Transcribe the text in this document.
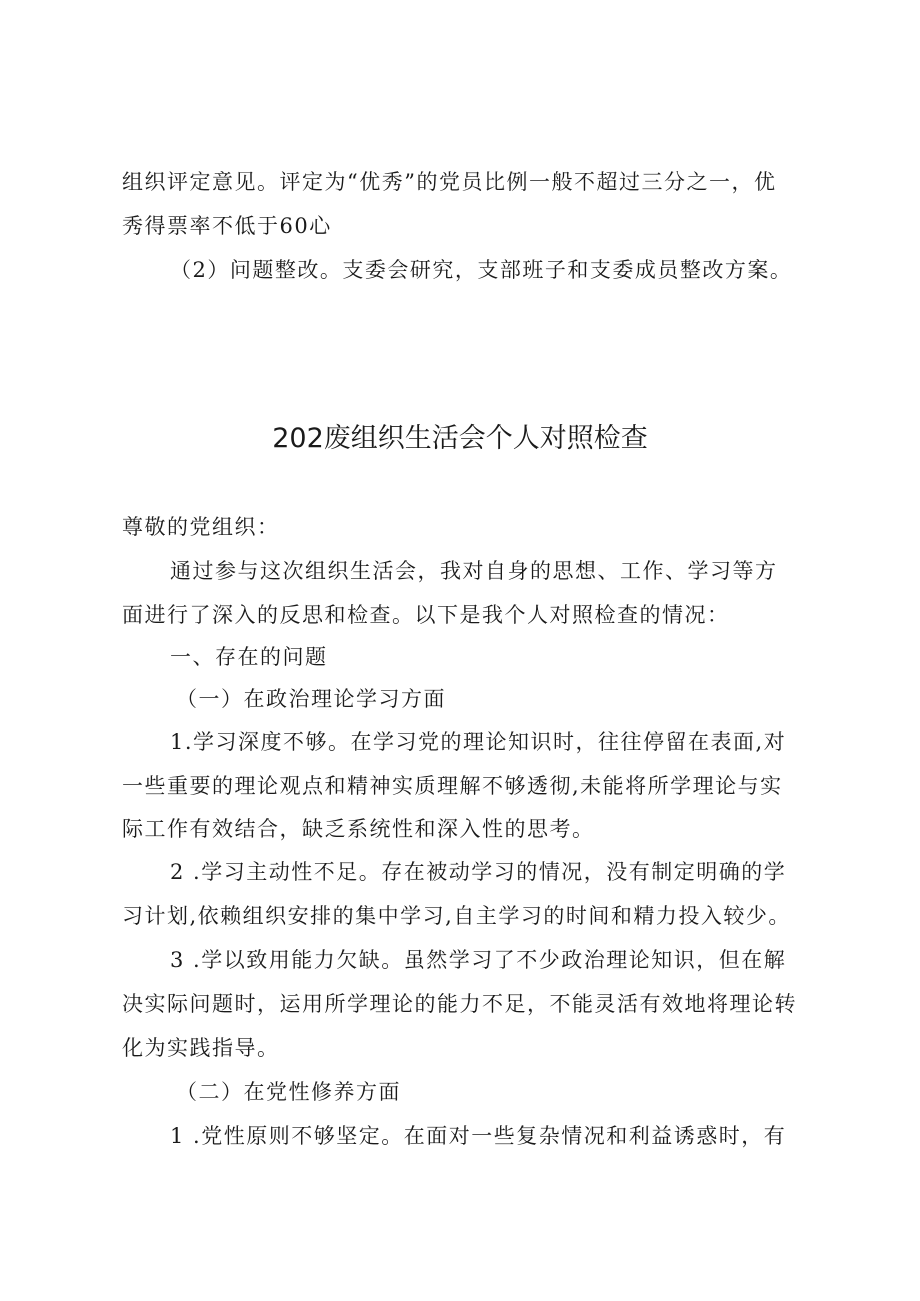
组织评定意见。评定为“优秀”的党员比例一般不超过三分之一，优
秀得票率不低于60心
（2）问题整改。支委会研究，支部班子和支委成员整改方案。
202废组织生活会个人对照检查
尊敬的党组织：
通过参与这次组织生活会，我对自身的思想、工作、学习等方
面进行了深入的反思和检查。以下是我个人对照检查的情况：
一、存在的问题
（一）在政治理论学习方面
1.学习深度不够。在学习党的理论知识时，往往停留在表面,对
一些重要的理论观点和精神实质理解不够透彻,未能将所学理论与实
际工作有效结合，缺乏系统性和深入性的思考。
2 .学习主动性不足。存在被动学习的情况，没有制定明确的学
习计划,依赖组织安排的集中学习,自主学习的时间和精力投入较少。
3 .学以致用能力欠缺。虽然学习了不少政治理论知识，但在解
决实际问题时，运用所学理论的能力不足，不能灵活有效地将理论转
化为实践指导。
（二）在党性修养方面
1 .党性原则不够坚定。在面对一些复杂情况和利益诱惑时，有
